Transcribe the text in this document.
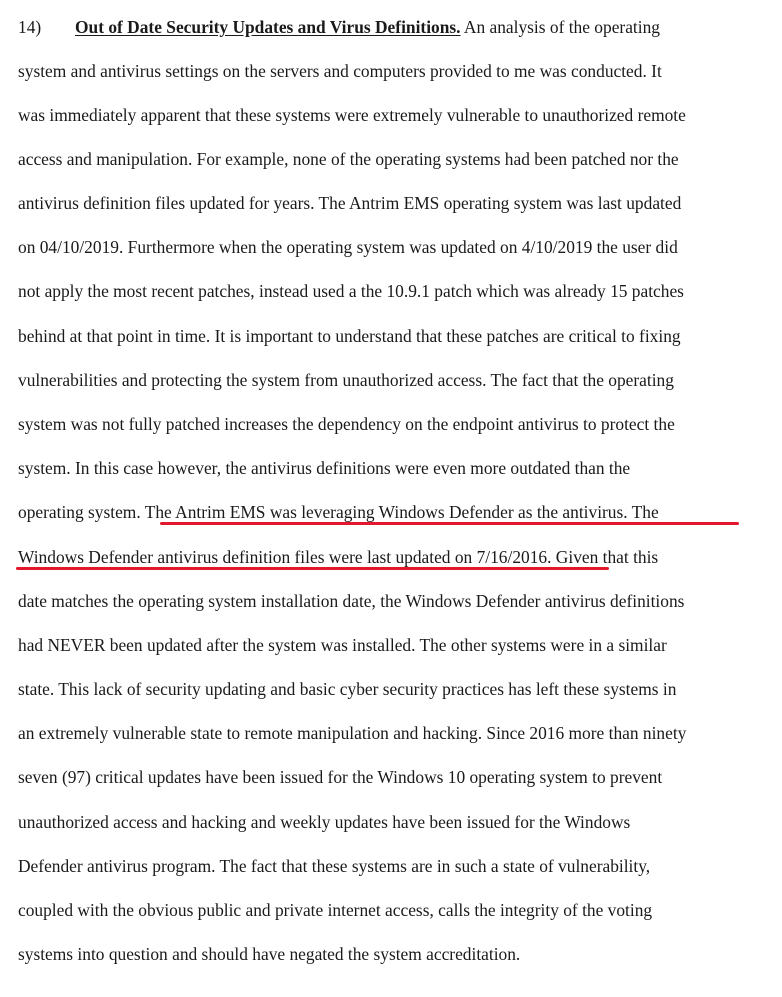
14) Out of Date Security Updates and Virus Definitions. An analysis of the operating
system and antivirus settings on the servers and computers provided to me was conducted. It
was immediately apparent that these systems were extremely vulnerable to unauthorized remote
access and manipulation. For example, none of the operating systems had been patched nor the
antivirus definition files updated for years. The Antrim EMS operating system was last updated
on 04/10/2019. Furthermore when the operating system was updated on 4/10/2019 the user did
not apply the most recent patches, instead used a the 10.9.1 patch which was already 15 patches
behind at that point in time. It is important to understand that these patches are critical to fixing
vulnerabilities and protecting the system from unauthorized access. The fact that the operating
system was not fully patched increases the dependency on the endpoint antivirus to protect the
system. In this case however, the antivirus definitions were even more outdated than the
operating system. The Antrim EMS was leveraging Windows Defender as the antivirus. The
Windows Defender antivirus definition files were last updated on 7/16/2016. Given that this
date matches the operating system installation date, the Windows Defender antivirus definitions
had NEVER been updated after the system was installed. The other systems were in a similar
state. This lack of security updating and basic cyber security practices has left these systems in
an extremely vulnerable state to remote manipulation and hacking. Since 2016 more than ninety
seven (97) critical updates have been issued for the Windows 10 operating system to prevent
unauthorized access and hacking and weekly updates have been issued for the Windows
Defender antivirus program. The fact that these systems are in such a state of vulnerability,
coupled with the obvious public and private internet access, calls the integrity of the voting
systems into question and should have negated the system accreditation.
